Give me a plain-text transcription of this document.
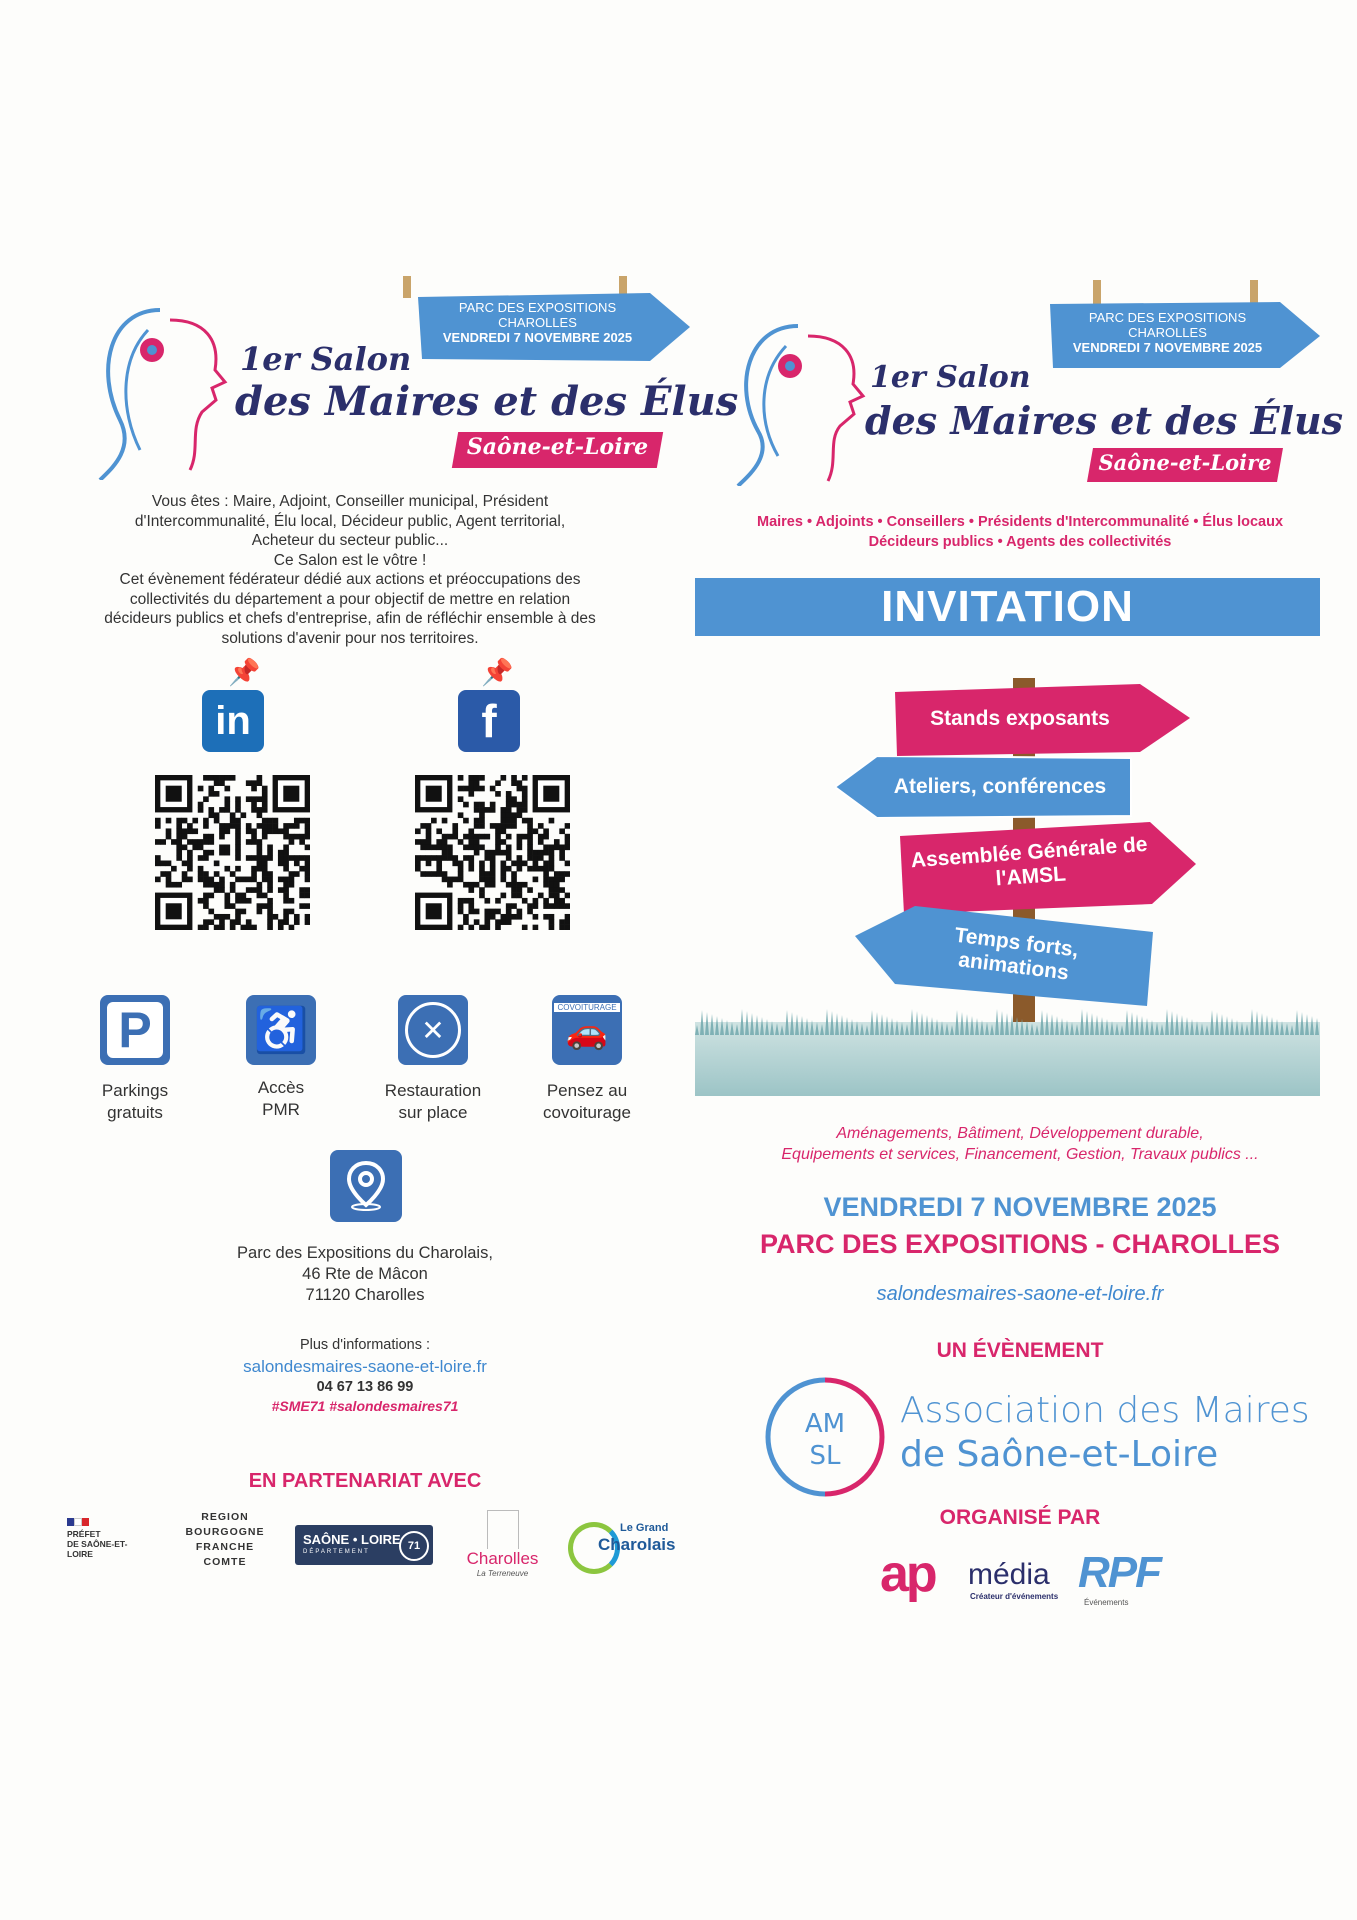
PARC DES EXPOSITIONS
CHAROLLES
VENDREDI 7 NOVEMBRE 2025
1er Salon
des Maires et des Élus
Saône-et-Loire
Vous êtes : Maire, Adjoint, Conseiller municipal, Président
d'Intercommunalité, Élu local, Décideur public, Agent territorial,
Acheteur du secteur public...
Ce Salon est le vôtre !
Cet évènement fédérateur dédié aux actions et préoccupations des
collectivités du département a pour objectif de mettre en relation
décideurs publics et chefs d'entreprise, afin de réfléchir ensemble à des
solutions d'avenir pour nos territoires.
📌
in
📌
f
P ♿	✕
COVOITURAGE
🚗
Parkings
gratuits
Accès
PMR
Restauration
sur place
Pensez au
covoiturage
Parc des Expositions du Charolais,
46 Rte de Mâcon
71120 Charolles
Plus d'informations :
salondesmaires-saone-et-loire.fr
04 67 13 86 99
#SME71 #salondesmaires71
EN PARTENARIAT AVEC
PRÉFET
DE SAÔNE-ET-LOIRE
REGION
BOURGOGNE
FRANCHE
COMTE
SAÔNE • LOIRE
DÉPARTEMENT	71
Charolles
La Terreneuve
Le Grand
Charolais
PARC DES EXPOSITIONS
CHAROLLES
VENDREDI 7 NOVEMBRE 2025
1er Salon
des Maires et des Élus
Saône-et-Loire
Maires • Adjoints • Conseillers • Présidents d'Intercommunalité • Élus locaux
Décideurs publics • Agents des collectivités
INVITATION
Stands exposants
Ateliers, conférences
Assemblée Générale de l'AMSL
Temps forts, animations
Aménagements, Bâtiment, Développement durable,
Equipements et services, Financement, Gestion, Travaux publics ...
VENDREDI 7 NOVEMBRE 2025
PARC DES EXPOSITIONS - CHAROLLES
salondesmaires-saone-et-loire.fr
UN ÉVÈNEMENT
AM
SL
Association des Maires
de Saône-et-Loire
ORGANISÉ PAR
ap média
Créateur d'événements RPF
Événements
